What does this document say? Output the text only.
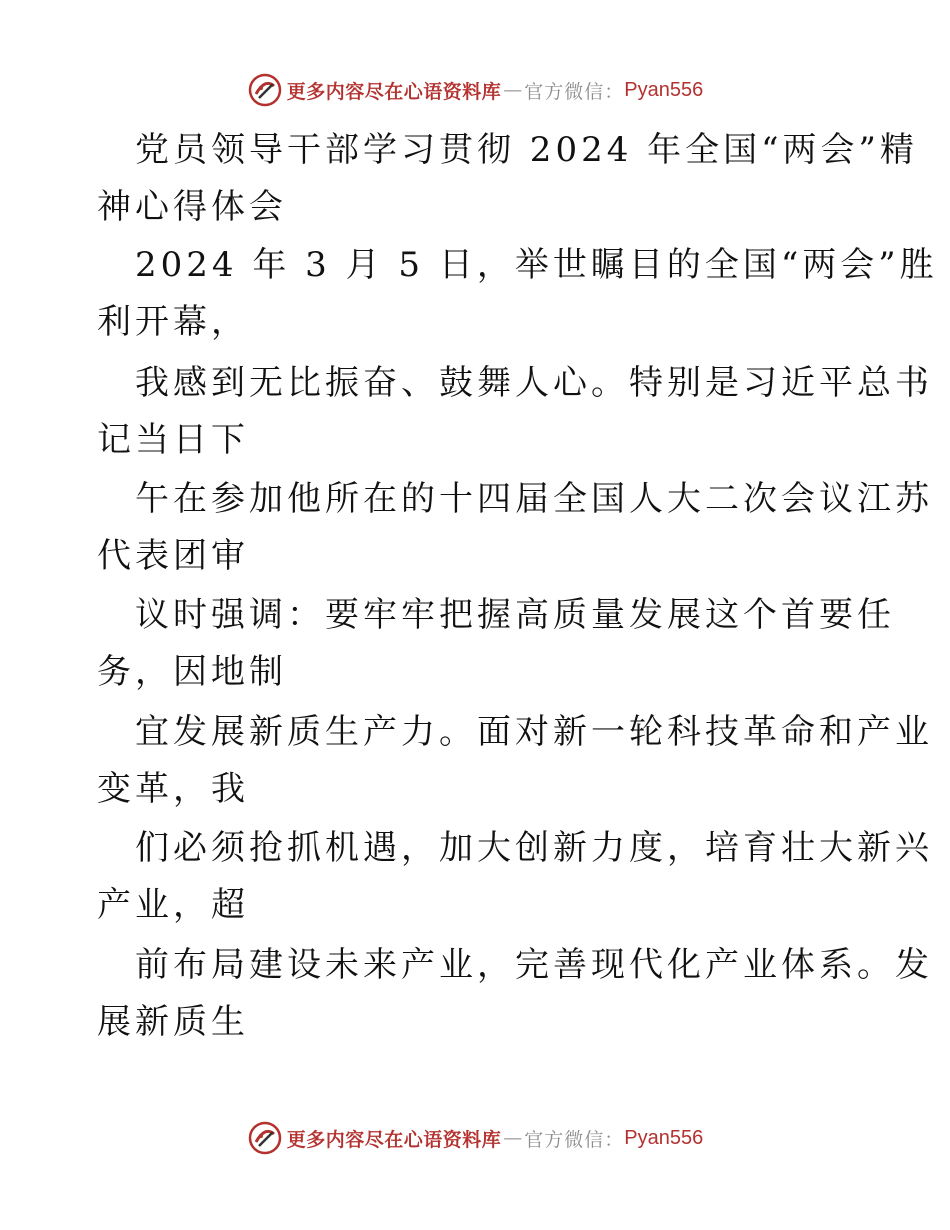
更多内容尽在心语资料库 — 官方微信： Pyan556
党员领导干部学习贯彻 2024 年全国“两会”精
神心得体会
2024 年 3 月 5 日，举世瞩目的全国“两会”胜
利开幕，
我感到无比振奋、鼓舞人心。特别是习近平总书
记当日下
午在参加他所在的十四届全国人大二次会议江苏
代表团审
议时强调：要牢牢把握高质量发展这个首要任
务，因地制
宜发展新质生产力。面对新一轮科技革命和产业
变革，我
们必须抢抓机遇，加大创新力度，培育壮大新兴
产业，超
前布局建设未来产业，完善现代化产业体系。发
展新质生
更多内容尽在心语资料库 — 官方微信： Pyan556
